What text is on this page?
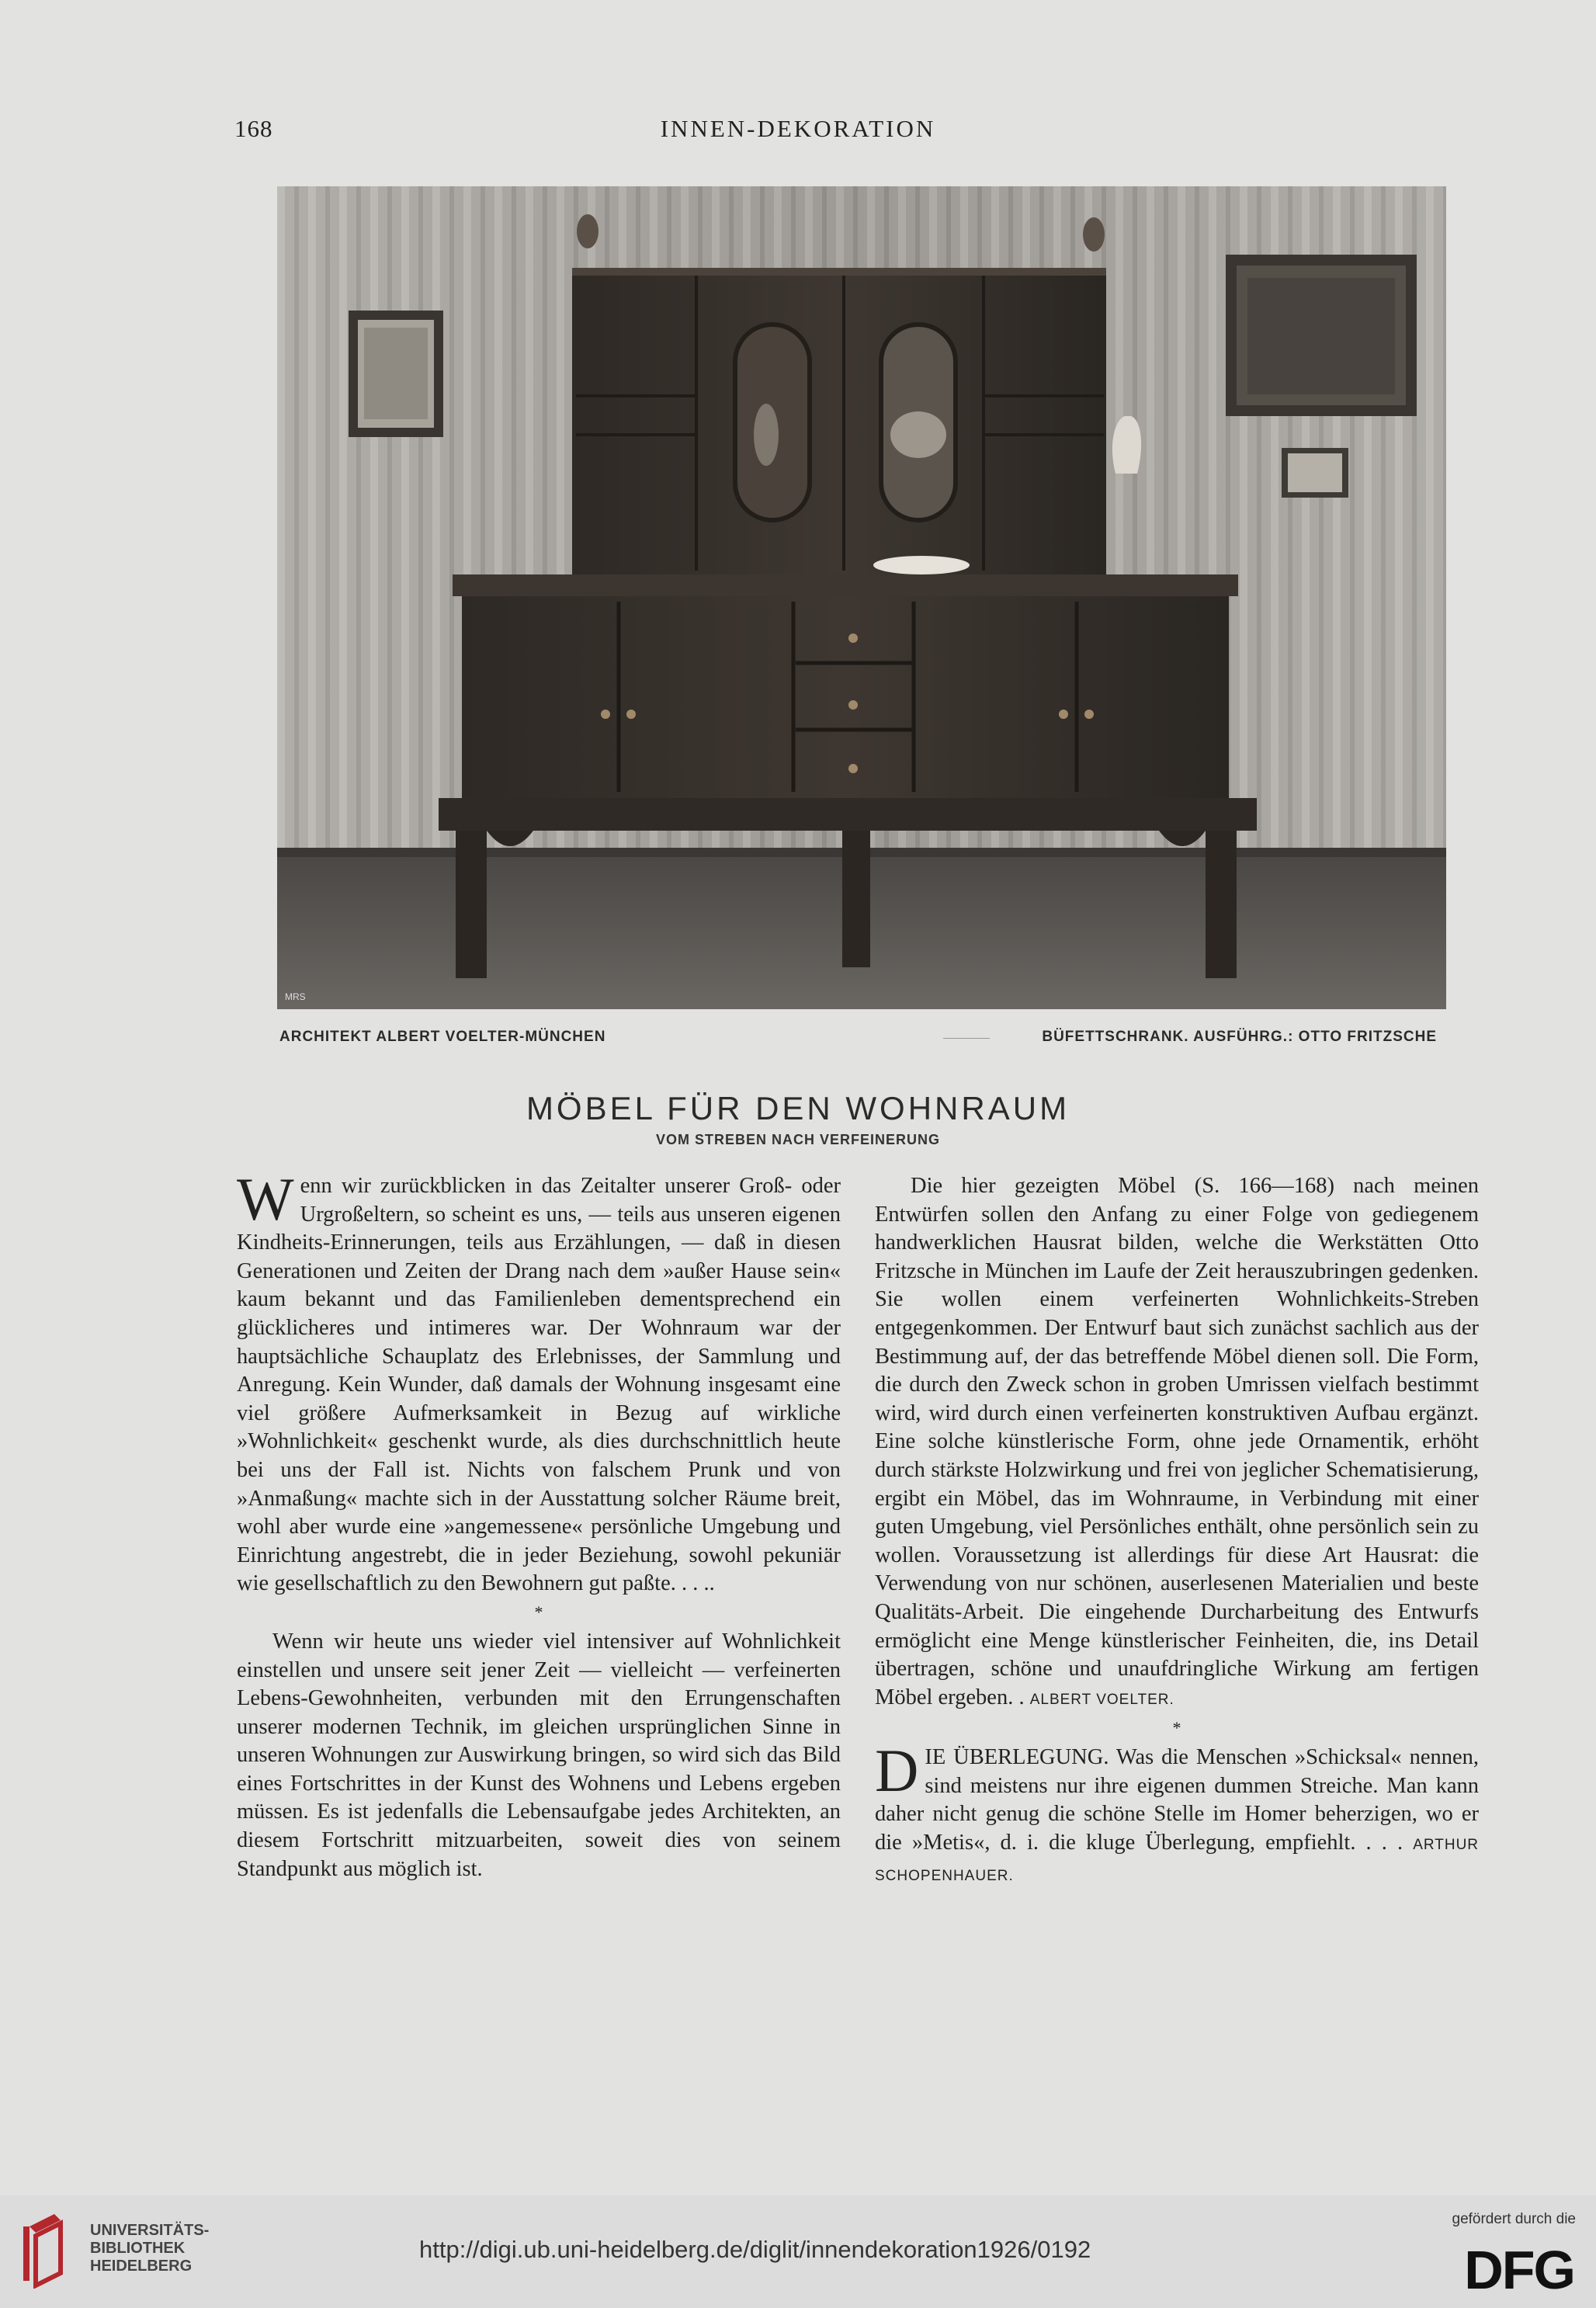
168	INNEN-DEKORATION
MRS
ARCHITEKT ALBERT VOELTER-MÜNCHEN	BÜFETTSCHRANK. AUSFÜHRG.: OTTO FRITZSCHE
MÖBEL FÜR DEN WOHNRAUM
VOM STREBEN NACH VERFEINERUNG

Wenn wir zurückblicken in das Zeitalter unserer Groß- oder Urgroßeltern, so scheint es uns, — teils aus unseren eigenen Kindheits-Erinnerungen, teils aus Erzählungen, — daß in diesen Generationen und Zeiten der Drang nach dem »außer Hause sein« kaum bekannt und das Familienleben dementsprechend ein glücklicheres und intimeres war. Der Wohnraum war der hauptsächliche Schauplatz des Erlebnisses, der Sammlung und Anregung. Kein Wunder, daß damals der Wohnung insgesamt eine viel größere Aufmerksamkeit in Bezug auf wirkliche »Wohnlichkeit« geschenkt wurde, als dies durchschnittlich heute bei uns der Fall ist. Nichts von falschem Prunk und von »Anmaßung« machte sich in der Ausstattung solcher Räume breit, wohl aber wurde eine »angemessene« persönliche Umgebung und Einrichtung angestrebt, die in jeder Beziehung, sowohl pekuniär wie gesellschaftlich zu den Bewohnern gut paßte. . . ..

*

Wenn wir heute uns wieder viel intensiver auf Wohnlichkeit einstellen und unsere seit jener Zeit — vielleicht — verfeinerten Lebens-Gewohnheiten, verbunden mit den Errungenschaften unserer modernen Technik, im gleichen ursprünglichen Sinne in unseren Wohnungen zur Auswirkung bringen, so wird sich das Bild eines Fortschrittes in der Kunst des Wohnens und Lebens ergeben müssen. Es ist jedenfalls die Lebensaufgabe jedes Architekten, an diesem Fortschritt mitzuarbeiten, soweit dies von seinem Standpunkt aus möglich ist.

Die hier gezeigten Möbel (S. 166—168) nach meinen Entwürfen sollen den Anfang zu einer Folge von gediegenem handwerklichen Hausrat bilden, welche die Werkstätten Otto Fritzsche in München im Laufe der Zeit herauszubringen gedenken. Sie wollen einem verfeinerten Wohnlichkeits-Streben entgegenkommen. Der Entwurf baut sich zunächst sachlich aus der Bestimmung auf, der das betreffende Möbel dienen soll. Die Form, die durch den Zweck schon in groben Umrissen vielfach bestimmt wird, wird durch einen verfeinerten konstruktiven Aufbau ergänzt. Eine solche künstlerische Form, ohne jede Ornamentik, erhöht durch stärkste Holzwirkung und frei von jeglicher Schematisierung, ergibt ein Möbel, das im Wohnraume, in Verbindung mit einer guten Umgebung, viel Persönliches enthält, ohne persönlich sein zu wollen. Voraussetzung ist allerdings für diese Art Hausrat: die Verwendung von nur schönen, auserlesenen Materialien und beste Qualitäts-Arbeit. Die eingehende Durcharbeitung des Entwurfs ermöglicht eine Menge künstlerischer Feinheiten, die, ins Detail übertragen, schöne und unaufdringliche Wirkung am fertigen Möbel ergeben. . ALBERT VOELTER.

*

DIE ÜBERLEGUNG. Was die Menschen »Schicksal« nennen, sind meistens nur ihre eigenen dummen Streiche. Man kann daher nicht genug die schöne Stelle im Homer beherzigen, wo er die »Metis«, d. i. die kluge Überlegung, empfiehlt. . . . ARTHUR SCHOPENHAUER.

UNIVERSITÄTS-
BIBLIOTHEK
HEIDELBERG
http://digi.ub.uni-heidelberg.de/diglit/innendekoration1926/0192
gefördert durch die
DFG
